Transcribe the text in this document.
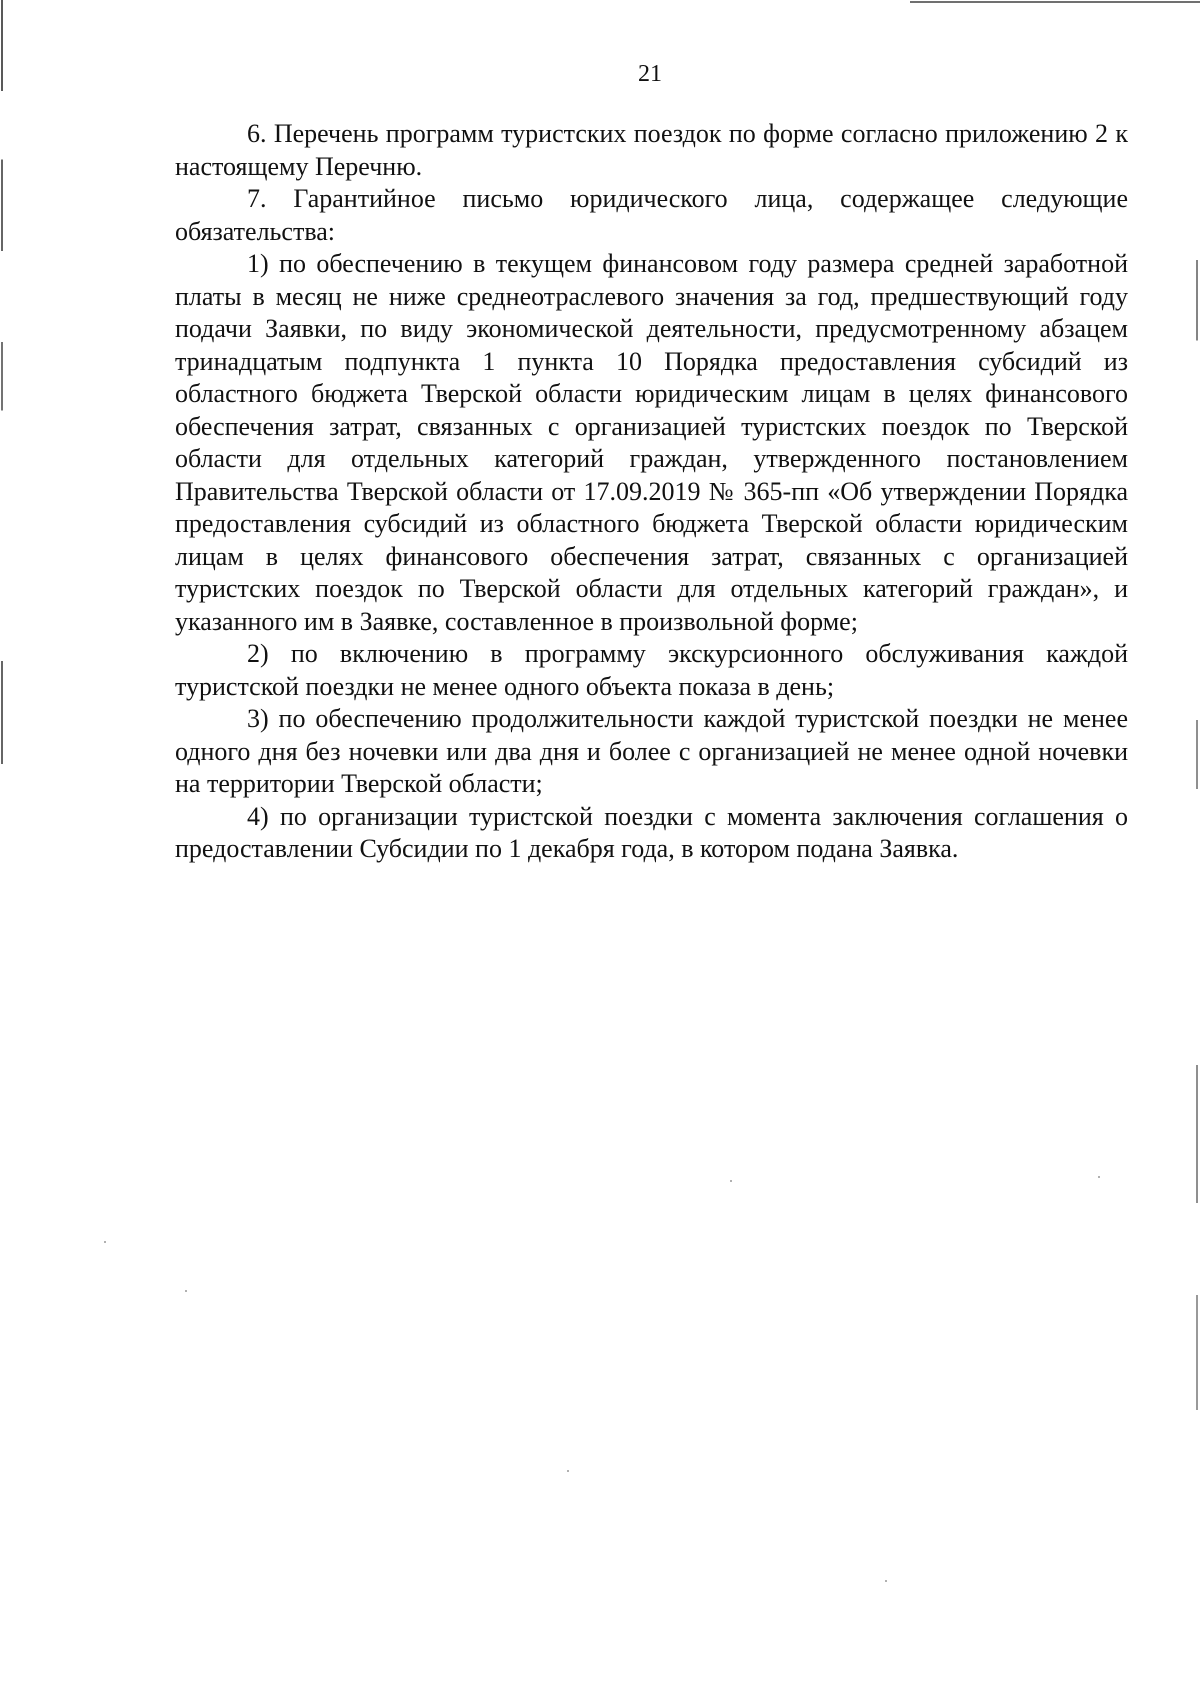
21

6. Перечень программ туристских поездок по форме согласно приложению 2 к настоящему Перечню.

7. Гарантийное письмо юридического лица, содержащее следующие обязательства:

1) по обеспечению в текущем финансовом году размера средней заработной платы в месяц не ниже среднеотраслевого значения за год, предшествующий году подачи Заявки, по виду экономической деятельности, предусмотренному абзацем тринадцатым подпункта 1 пункта 10 Порядка предоставления субсидий из областного бюджета Тверской области юридическим лицам в целях финансового обеспечения затрат, связанных с организацией туристских поездок по Тверской области для отдельных категорий граждан, утвержденного постановлением Правительства Тверской области от 17.09.2019 № 365-пп «Об утверждении Порядка предоставления субсидий из областного бюджета Тверской области юридическим лицам в целях финансового обеспечения затрат, связанных с организацией туристских поездок по Тверской области для отдельных категорий граждан», и указанного им в Заявке, составленное в произвольной форме;

2) по включению в программу экскурсионного обслуживания каждой туристской поездки не менее одного объекта показа в день;

3) по обеспечению продолжительности каждой туристской поездки не менее одного дня без ночевки или два дня и более с организацией не менее одной ночевки на территории Тверской области;

4) по организации туристской поездки с момента заключения соглашения о предоставлении Субсидии по 1 декабря года, в котором подана Заявка.
